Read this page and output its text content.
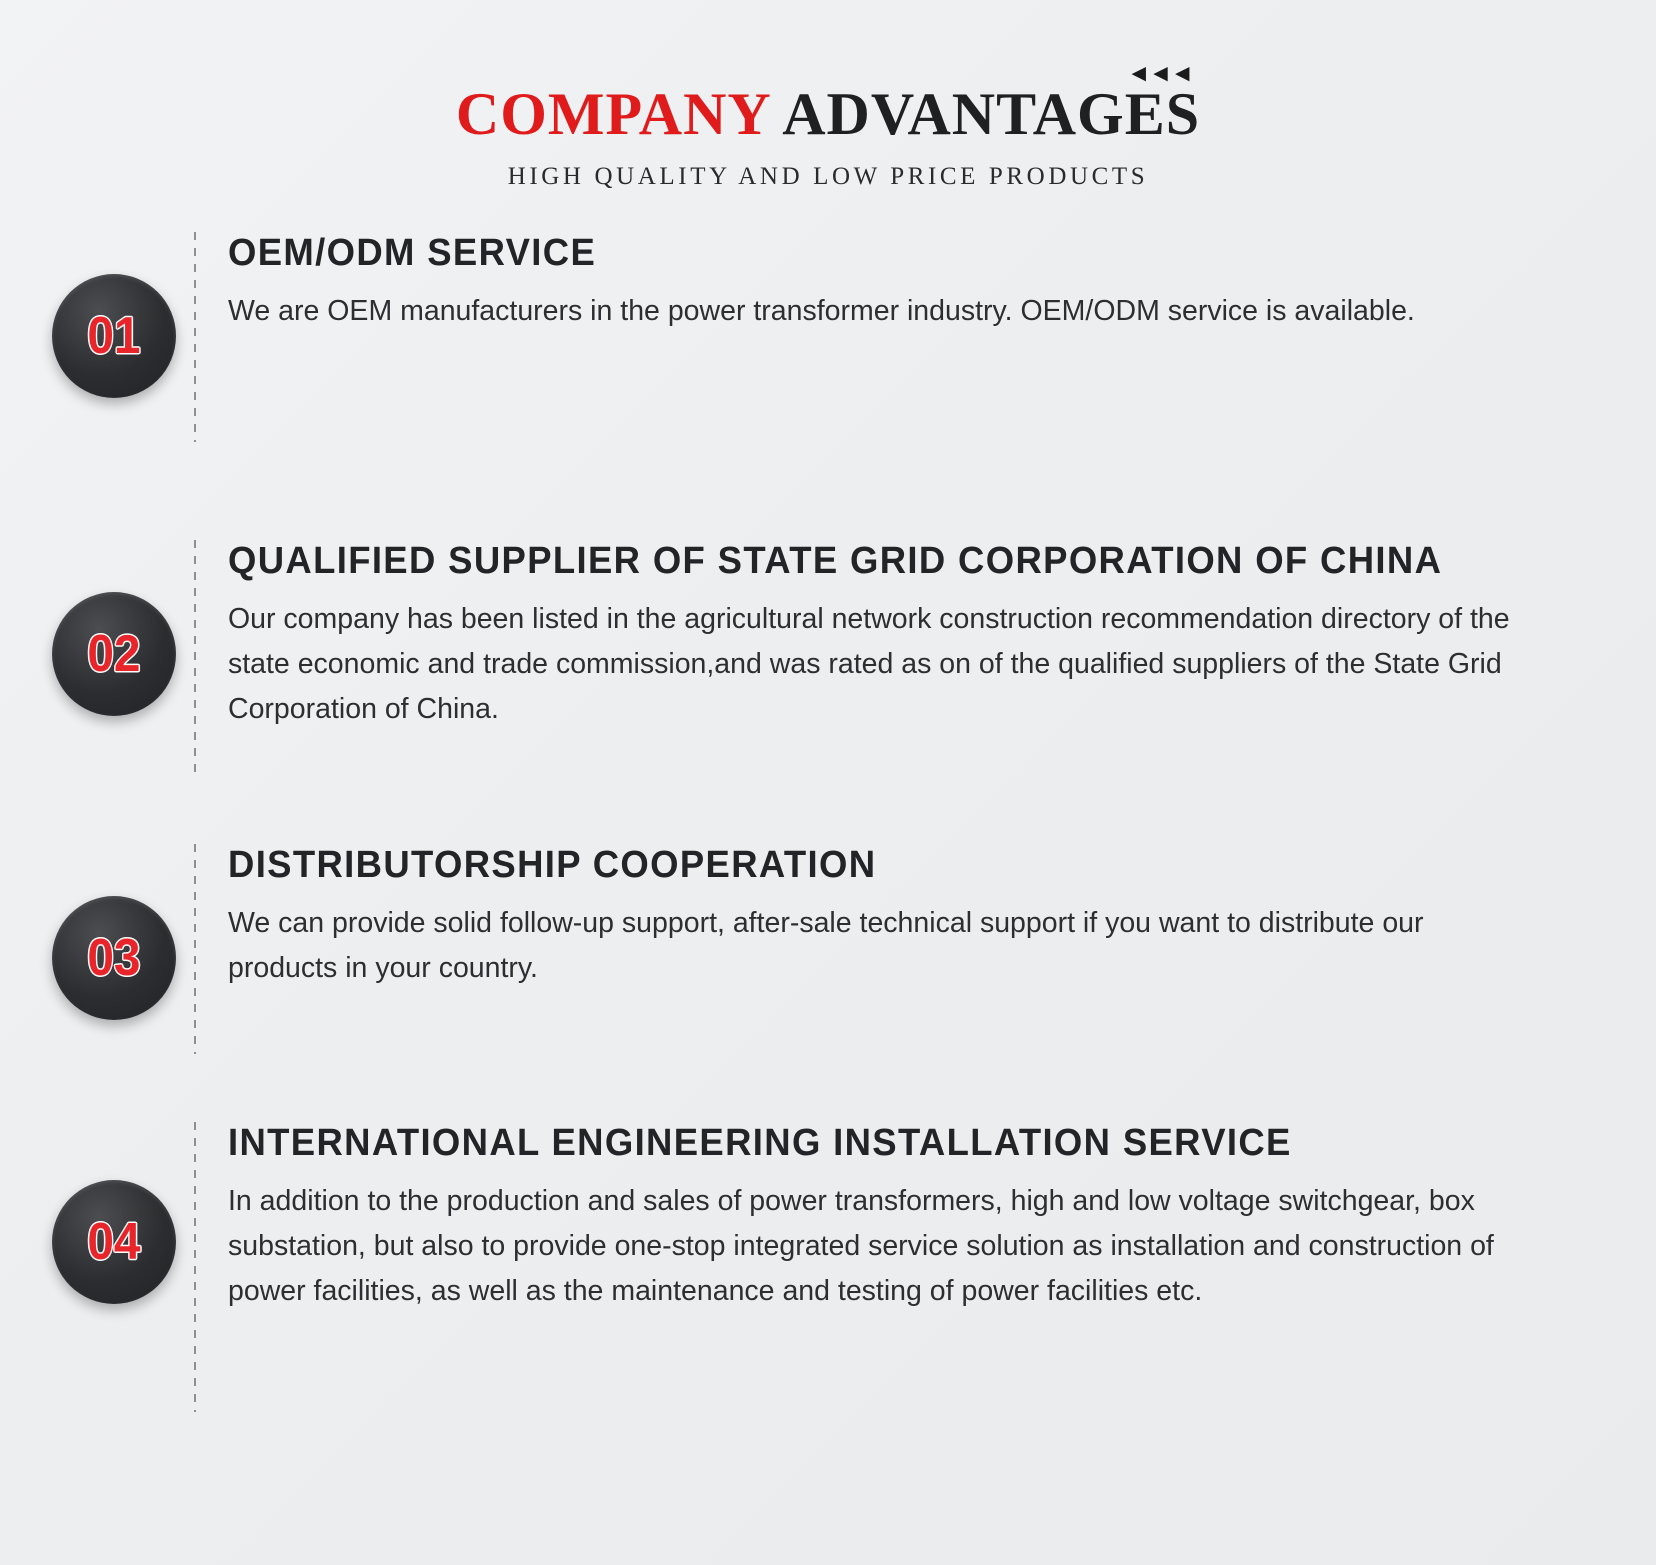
◄◄◄
COMPANY ADVANTAGES
HIGH QUALITY AND LOW PRICE PRODUCTS
01
OEM/ODM SERVICE

We are OEM manufacturers in the power transformer industry. OEM/ODM service is available.

02
QUALIFIED SUPPLIER OF STATE GRID CORPORATION OF CHINA

Our company has been listed in the agricultural network construction recommendation directory of the state economic and trade commission,and was rated as on of the qualified suppliers of the State Grid Corporation of China.

03
DISTRIBUTORSHIP COOPERATION

We can provide solid follow-up support, after-sale technical support if you want to distribute our products in your country.

04
INTERNATIONAL ENGINEERING INSTALLATION SERVICE

In addition to the production and sales of power transformers, high and low voltage switchgear, box substation, but also to provide one-stop integrated service solution as installation and construction of power facilities, as well as the maintenance and testing of power facilities etc.
